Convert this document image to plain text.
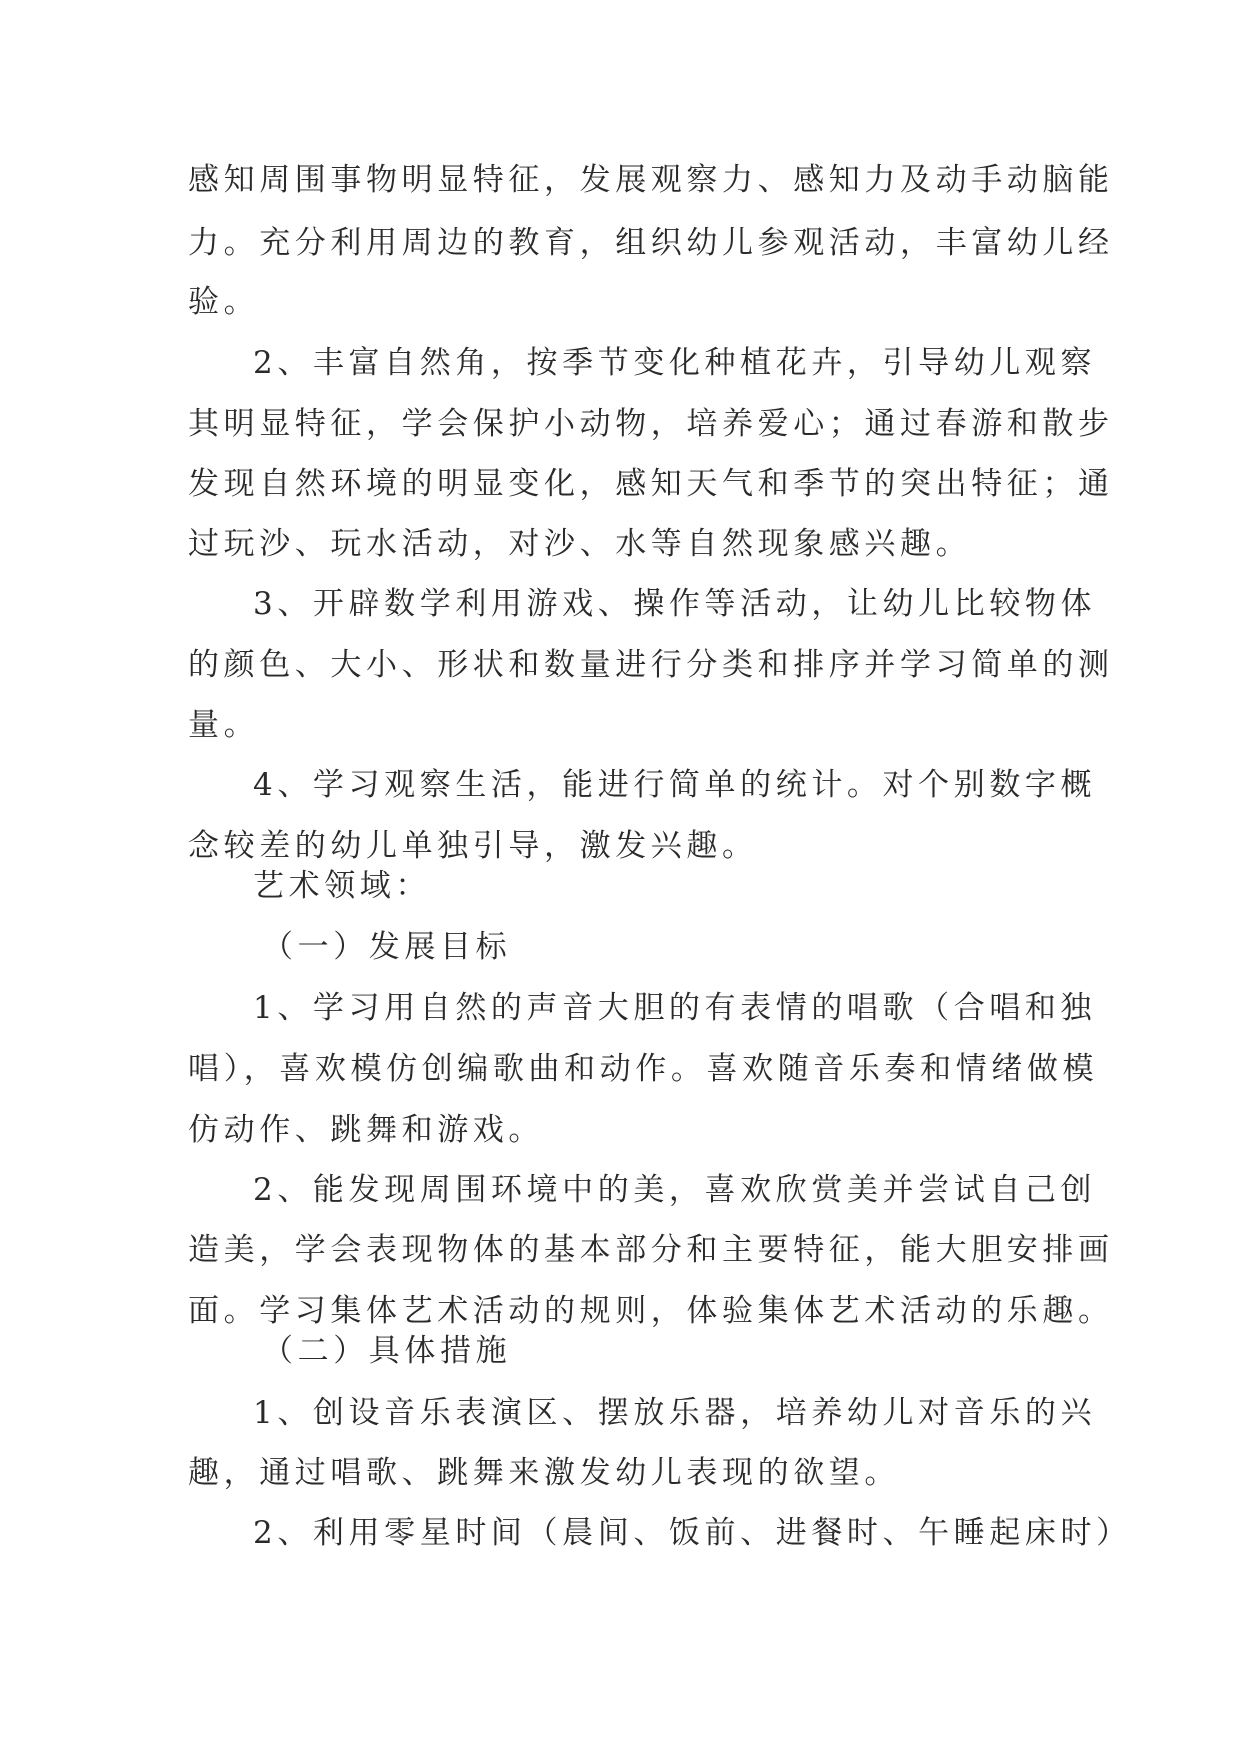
感知周围事物明显特征，发展观察力、感知力及动手动脑能

力。充分利用周边的教育，组织幼儿参观活动，丰富幼儿经

验。

2、丰富自然角，按季节变化种植花卉，引导幼儿观察

其明显特征，学会保护小动物，培养爱心；通过春游和散步

发现自然环境的明显变化，感知天气和季节的突出特征；通

过玩沙、玩水活动，对沙、水等自然现象感兴趣。

3、开辟数学利用游戏、操作等活动，让幼儿比较物体

的颜色、大小、形状和数量进行分类和排序并学习简单的测

量。

4、学习观察生活，能进行简单的统计。对个别数字概

念较差的幼儿单独引导，激发兴趣。

艺术领域：

（一）发展目标

1、学习用自然的声音大胆的有表情的唱歌（合唱和独

唱），喜欢模仿创编歌曲和动作。喜欢随音乐奏和情绪做模

仿动作、跳舞和游戏。

2、能发现周围环境中的美，喜欢欣赏美并尝试自己创

造美，学会表现物体的基本部分和主要特征，能大胆安排画

面。学习集体艺术活动的规则，体验集体艺术活动的乐趣。

（二）具体措施

1、创设音乐表演区、摆放乐器，培养幼儿对音乐的兴

趣，通过唱歌、跳舞来激发幼儿表现的欲望。

2、利用零星时间（晨间、饭前、进餐时、午睡起床时）
